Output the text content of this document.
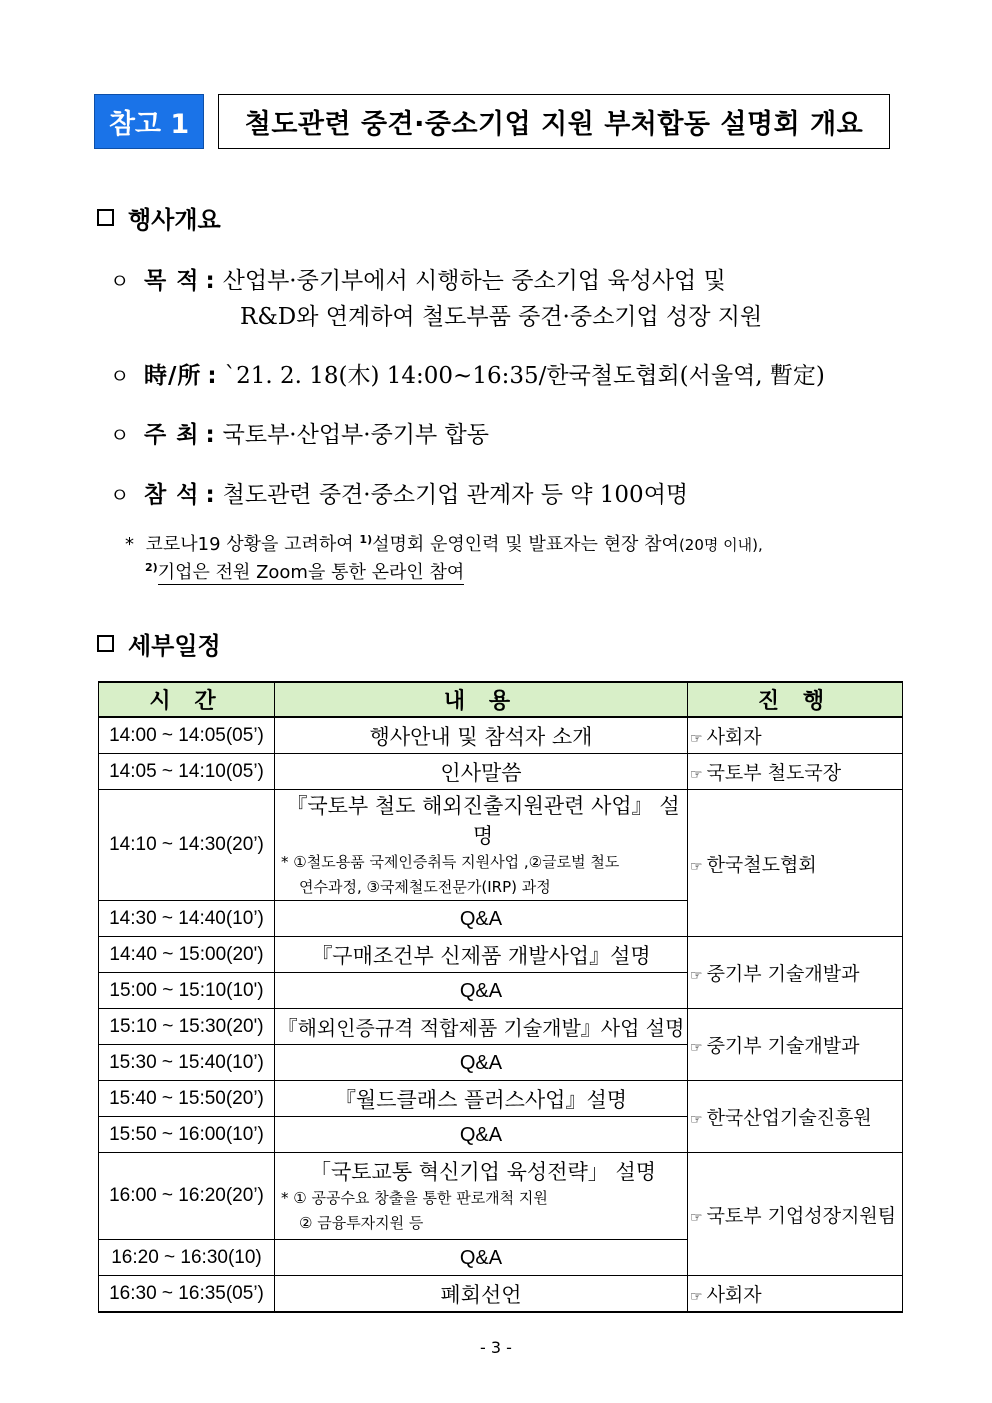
참고 1	철도관련 중견·중소기업 지원 부처합동 설명회 개요
행사개요
ㅇ 목 적 : 산업부·중기부에서 시행하는 중소기업 육성사업 및
R&D와 연계하여 철도부품 중견·중소기업 성장 지원
ㅇ 時/所 : `21. 2. 18(木) 14:00~16:35/한국철도협회(서울역, 暫定)
ㅇ 주 최 : 국토부·산업부·중기부 합동
ㅇ 참 석 : 철도관련 중견·중소기업 관계자 등 약 100여명
* 코로나19 상황을 고려하여 $^{1)}$설명회 운영인력 및 발표자는 현장 참여(20명 이내),
$^{2)}$기업은 전원 Zoom을 통한 온라인 참여
세부일정
시 간	내 용	진 행
14:00 ~ 14:05(05’)	행사안내 및 참석자 소개	☞ 사회자
14:05 ~ 14:10(05’)	인사말씀	☞ 국토부 철도국장
14:10 ~ 14:30(20’)	『국토부 철도 해외진출지원관련 사업』 설명
* ①철도용품 국제인증취득 지원사업 ,②글로벌 철도
연수과정, ③국제철도전문가(IRP) 과정	☞ 한국철도협회
14:30 ~ 14:40(10’)	Q&A	
14:40 ~ 15:00(20')	『구매조건부 신제품 개발사업』설명	☞ 중기부 기술개발과
15:00 ~ 15:10(10')	Q&A	
15:10 ~ 15:30(20')	『해외인증규격 적합제품 기술개발』사업 설명	☞ 중기부 기술개발과
15:30 ~ 15:40(10’)	Q&A	
15:40 ~ 15:50(20’)	『월드클래스 플러스사업』설명	☞ 한국산업기술진흥원
15:50 ~ 16:00(10’)	Q&A	
16:00 ~ 16:20(20’)	「국토교통 혁신기업 육성전략」 설명
* ① 공공수요 창출을 통한 판로개척 지원
② 금융투자지원 등	☞ 국토부 기업성장지원팀
16:20 ~ 16:30(10)	Q&A	
16:30 ~ 16:35(05’)	폐회선언	☞ 사회자
- 3 -
